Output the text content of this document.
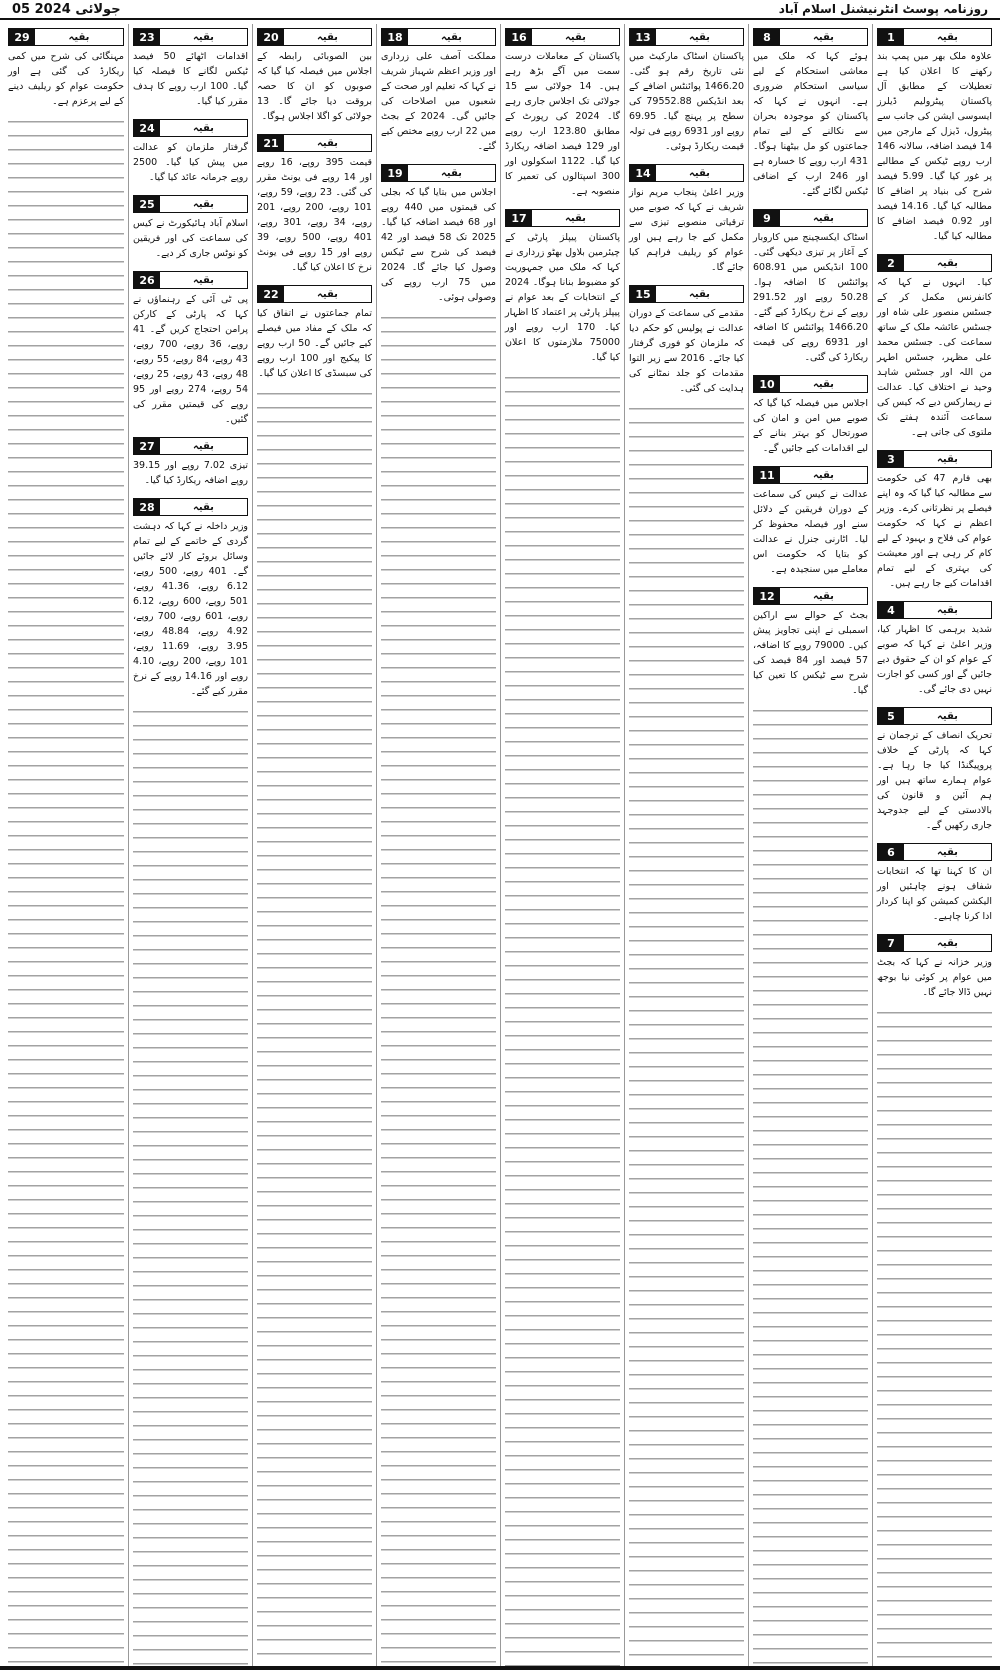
روزنامہ پوسٹ انٹرنیشنل اسلام آباد
05 جولائی 2024
بقیہ
1

علاوہ ملک بھر میں پمپ بند رکھنے کا اعلان کیا ہے تعطیلات کے مطابق آل پاکستان پیٹرولیم ڈیلرز ایسوسی ایشن کی جانب سے پیٹرول، ڈیزل کے مارجن میں 14 فیصد اضافہ، سالانہ 146 ارب روپے ٹیکس کے مطالبے پر غور کیا گیا۔ 5.99 فیصد شرح کی بنیاد پر اضافے کا مطالبہ کیا گیا۔ 14.16 فیصد اور 0.92 فیصد اضافے کا مطالبہ کیا گیا۔

بقیہ
2

کیا۔ انہوں نے کہا کہ کانفرنس مکمل کر کے جسٹس منصور علی شاہ اور جسٹس عائشہ ملک کے ساتھ سماعت کی۔ جسٹس محمد علی مظہر، جسٹس اطہر من اللہ اور جسٹس شاہد وحید نے اختلاف کیا۔ عدالت نے ریمارکس دیے کہ کیس کی سماعت آئندہ ہفتے تک ملتوی کی جاتی ہے۔

بقیہ
3

بھی فارم 47 کی حکومت سے مطالبہ کیا گیا کہ وہ اپنے فیصلے پر نظرثانی کرے۔ وزیر اعظم نے کہا کہ حکومت عوام کی فلاح و بہبود کے لیے کام کر رہی ہے اور معیشت کی بہتری کے لیے تمام اقدامات کیے جا رہے ہیں۔

بقیہ
4

شدید برہمی کا اظہار کیا، وزیر اعلیٰ نے کہا کہ صوبے کے عوام کو ان کے حقوق دیے جائیں گے اور کسی کو اجازت نہیں دی جائے گی۔

بقیہ
5

تحریک انصاف کے ترجمان نے کہا کہ پارٹی کے خلاف پروپیگنڈا کیا جا رہا ہے۔ عوام ہمارے ساتھ ہیں اور ہم آئین و قانون کی بالادستی کے لیے جدوجہد جاری رکھیں گے۔

بقیہ
6

ان کا کہنا تھا کہ انتخابات شفاف ہونے چاہئیں اور الیکشن کمیشن کو اپنا کردار ادا کرنا چاہیے۔

بقیہ
7

وزیر خزانہ نے کہا کہ بجٹ میں عوام پر کوئی نیا بوجھ نہیں ڈالا جائے گا۔

بقیہ
8

ہوئے کہا کہ ملک میں معاشی استحکام کے لیے سیاسی استحکام ضروری ہے۔ انہوں نے کہا کہ پاکستان کو موجودہ بحران سے نکالنے کے لیے تمام جماعتوں کو مل بیٹھنا ہوگا۔ 431 ارب روپے کا خسارہ ہے اور 246 ارب کے اضافی ٹیکس لگائے گئے۔

بقیہ
9

اسٹاک ایکسچینج میں کاروبار کے آغاز پر تیزی دیکھی گئی۔ 100 انڈیکس میں 608.91 پوائنٹس کا اضافہ ہوا۔ 50.28 روپے اور 291.52 روپے کے نرخ ریکارڈ کیے گئے۔ 1466.20 پوائنٹس کا اضافہ اور 6931 روپے کی قیمت ریکارڈ کی گئی۔

بقیہ
10

اجلاس میں فیصلہ کیا گیا کہ صوبے میں امن و امان کی صورتحال کو بہتر بنانے کے لیے اقدامات کیے جائیں گے۔

بقیہ
11

عدالت نے کیس کی سماعت کے دوران فریقین کے دلائل سنے اور فیصلہ محفوظ کر لیا۔ اٹارنی جنرل نے عدالت کو بتایا کہ حکومت اس معاملے میں سنجیدہ ہے۔

بقیہ
12

بجٹ کے حوالے سے اراکین اسمبلی نے اپنی تجاویز پیش کیں۔ 79000 روپے کا اضافہ، 57 فیصد اور 84 فیصد کی شرح سے ٹیکس کا تعین کیا گیا۔

بقیہ
13

پاکستان اسٹاک مارکیٹ میں نئی تاریخ رقم ہو گئی۔ 1466.20 پوائنٹس اضافے کے بعد انڈیکس 79552.88 کی سطح پر پہنچ گیا۔ 69.95 روپے اور 6931 روپے فی تولہ قیمت ریکارڈ ہوئی۔

بقیہ
14

وزیر اعلیٰ پنجاب مریم نواز شریف نے کہا کہ صوبے میں ترقیاتی منصوبے تیزی سے مکمل کیے جا رہے ہیں اور عوام کو ریلیف فراہم کیا جائے گا۔

بقیہ
15

مقدمے کی سماعت کے دوران عدالت نے پولیس کو حکم دیا کہ ملزمان کو فوری گرفتار کیا جائے۔ 2016 سے زیر التوا مقدمات کو جلد نمٹانے کی ہدایت کی گئی۔

بقیہ
16

پاکستان کے معاملات درست سمت میں آگے بڑھ رہے ہیں۔ 14 جولائی سے 15 جولائی تک اجلاس جاری رہے گا۔ 2024 کی رپورٹ کے مطابق 123.80 ارب روپے اور 129 فیصد اضافہ ریکارڈ کیا گیا۔ 1122 اسکولوں اور 300 اسپتالوں کی تعمیر کا منصوبہ ہے۔

بقیہ
17

پاکستان پیپلز پارٹی کے چیئرمین بلاول بھٹو زرداری نے کہا کہ ملک میں جمہوریت کو مضبوط بنانا ہوگا۔ 2024 کے انتخابات کے بعد عوام نے پیپلز پارٹی پر اعتماد کا اظہار کیا۔ 170 ارب روپے اور 75000 ملازمتوں کا اعلان کیا گیا۔

بقیہ
18

مملکت آصف علی زرداری اور وزیر اعظم شہباز شریف نے کہا کہ تعلیم اور صحت کے شعبوں میں اصلاحات کی جائیں گی۔ 2024 کے بجٹ میں 22 ارب روپے مختص کیے گئے۔

بقیہ
19

اجلاس میں بتایا گیا کہ بجلی کی قیمتوں میں 440 روپے اور 68 فیصد اضافہ کیا گیا۔ 2025 تک 58 فیصد اور 42 فیصد کی شرح سے ٹیکس وصول کیا جائے گا۔ 2024 میں 75 ارب روپے کی وصولی ہوئی۔

بقیہ
20

بین الصوبائی رابطہ کے اجلاس میں فیصلہ کیا گیا کہ صوبوں کو ان کا حصہ بروقت دیا جائے گا۔ 13 جولائی کو اگلا اجلاس ہوگا۔

بقیہ
21

قیمت 395 روپے، 16 روپے اور 14 روپے فی یونٹ مقرر کی گئی۔ 23 روپے، 59 روپے، 101 روپے، 200 روپے، 201 روپے، 34 روپے، 301 روپے، 401 روپے، 500 روپے، 39 روپے اور 15 روپے فی یونٹ نرخ کا اعلان کیا گیا۔

بقیہ
22

تمام جماعتوں نے اتفاق کیا کہ ملک کے مفاد میں فیصلے کیے جائیں گے۔ 50 ارب روپے کا پیکیج اور 100 ارب روپے کی سبسڈی کا اعلان کیا گیا۔

بقیہ
23

اقدامات اٹھائے 50 فیصد ٹیکس لگانے کا فیصلہ کیا گیا۔ 100 ارب روپے کا ہدف مقرر کیا گیا۔

بقیہ
24

گرفتار ملزمان کو عدالت میں پیش کیا گیا۔ 2500 روپے جرمانہ عائد کیا گیا۔

بقیہ
25

اسلام آباد ہائیکورٹ نے کیس کی سماعت کی اور فریقین کو نوٹس جاری کر دیے۔

بقیہ
26

پی ٹی آئی کے رہنماؤں نے کہا کہ پارٹی کے کارکن پرامن احتجاج کریں گے۔ 41 روپے، 36 روپے، 700 روپے، 43 روپے، 84 روپے، 55 روپے، 48 روپے، 43 روپے، 25 روپے، 54 روپے، 274 روپے اور 95 روپے کی قیمتیں مقرر کی گئیں۔

بقیہ
27

تیزی 7.02 روپے اور 39.15 روپے اضافہ ریکارڈ کیا گیا۔

بقیہ
28

وزیر داخلہ نے کہا کہ دہشت گردی کے خاتمے کے لیے تمام وسائل بروئے کار لائے جائیں گے۔ 401 روپے، 500 روپے، 6.12 روپے، 41.36 روپے، 501 روپے، 600 روپے، 6.12 روپے، 601 روپے، 700 روپے، 4.92 روپے، 48.84 روپے، 3.95 روپے، 11.69 روپے، 101 روپے، 200 روپے، 4.10 روپے اور 14.16 روپے کے نرخ مقرر کیے گئے۔

بقیہ
29

مہنگائی کی شرح میں کمی ریکارڈ کی گئی ہے اور حکومت عوام کو ریلیف دینے کے لیے پرعزم ہے۔
